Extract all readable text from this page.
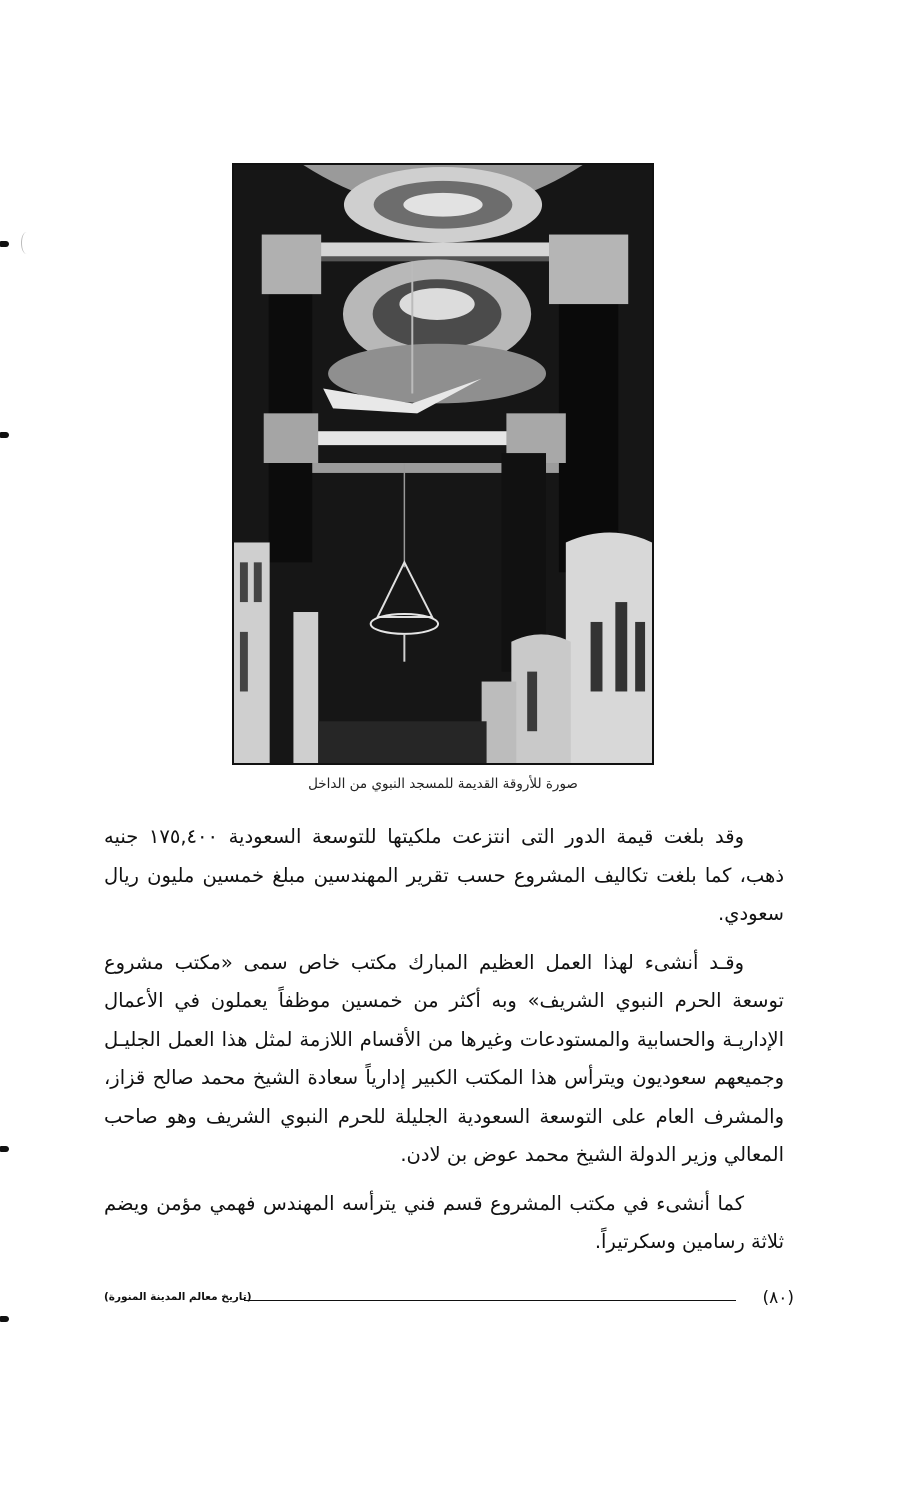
صورة للأروقة القديمة للمسجد النبوي من الداخل

وقد بلغت قيمة الدور التى انتزعت ملكيتها للتوسعة السعودية ١٧٥,٤٠٠ جنيه ذهب، كما بلغت تكاليف المشروع حسب تقرير المهندسين مبلغ خمسين مليون ريال سعودي.

وقـد أنشىء لهذا العمل العظيم المبارك مكتب خاص سمى «مكتب مشروع توسعة الحرم النبوي الشريف» وبه أكثر من خمسين موظفاً يعملون في الأعمال الإداريـة والحسابية والمستودعات وغيرها من الأقسام اللازمة لمثل هذا العمل الجليـل وجميعهم سعوديون ويترأس هذا المكتب الكبير إدارياً سعادة الشيخ محمد صالح قزاز، والمشرف العام على التوسعة السعودية الجليلة للحرم النبوي الشريف وهو صاحب المعالي وزير الدولة الشيخ محمد عوض بن لادن.

كما أنشىء في مكتب المشروع قسم فني يترأسه المهندس فهمي مؤمن ويضم ثلاثة رسامين وسكرتيراً.

(٨٠)
(تاريخ معالم المدينة المنورة)
